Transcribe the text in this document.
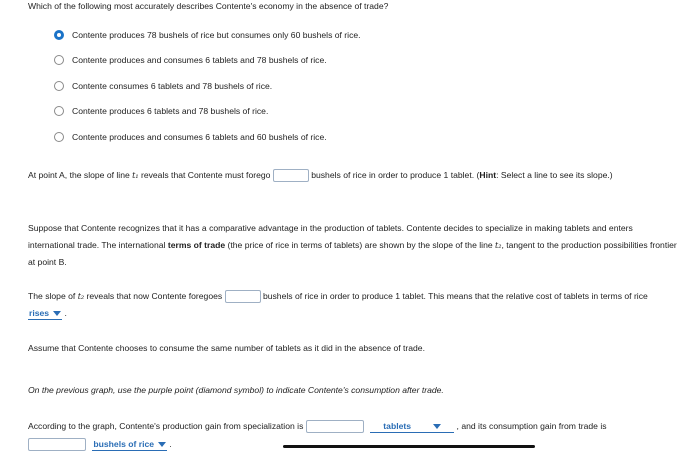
Which of the following most accurately describes Contente's economy in the absence of trade?
Contente produces 78 bushels of rice but consumes only 60 bushels of rice.
Contente produces and consumes 6 tablets and 78 bushels of rice.
Contente consumes 6 tablets and 78 bushels of rice.
Contente produces 6 tablets and 78 bushels of rice.
Contente produces and consumes 6 tablets and 60 bushels of rice.
At point A, the slope of line t₁ reveals that Contente must forego	bushels of rice in order to produce 1 tablet. (Hint: Select a line to see its slope.)
Suppose that Contente recognizes that it has a comparative advantage in the production of tablets. Contente decides to specialize in making tablets and enters international trade. The international terms of trade (the price of rice in terms of tablets) are shown by the slope of the line t₂, tangent to the production possibilities frontier at point B.
The slope of t₂ reveals that now Contente foregoes	bushels of rice in order to produce 1 tablet. This means that the relative cost of tablets in terms of rice rises .
Assume that Contente chooses to consume the same number of tablets as it did in the absence of trade.
On the previous graph, use the purple point (diamond symbol) to indicate Contente's consumption after trade.
According to the graph, Contente's production gain from specialization is	tablets	, and its consumption gain from trade is
bushels of rice .
